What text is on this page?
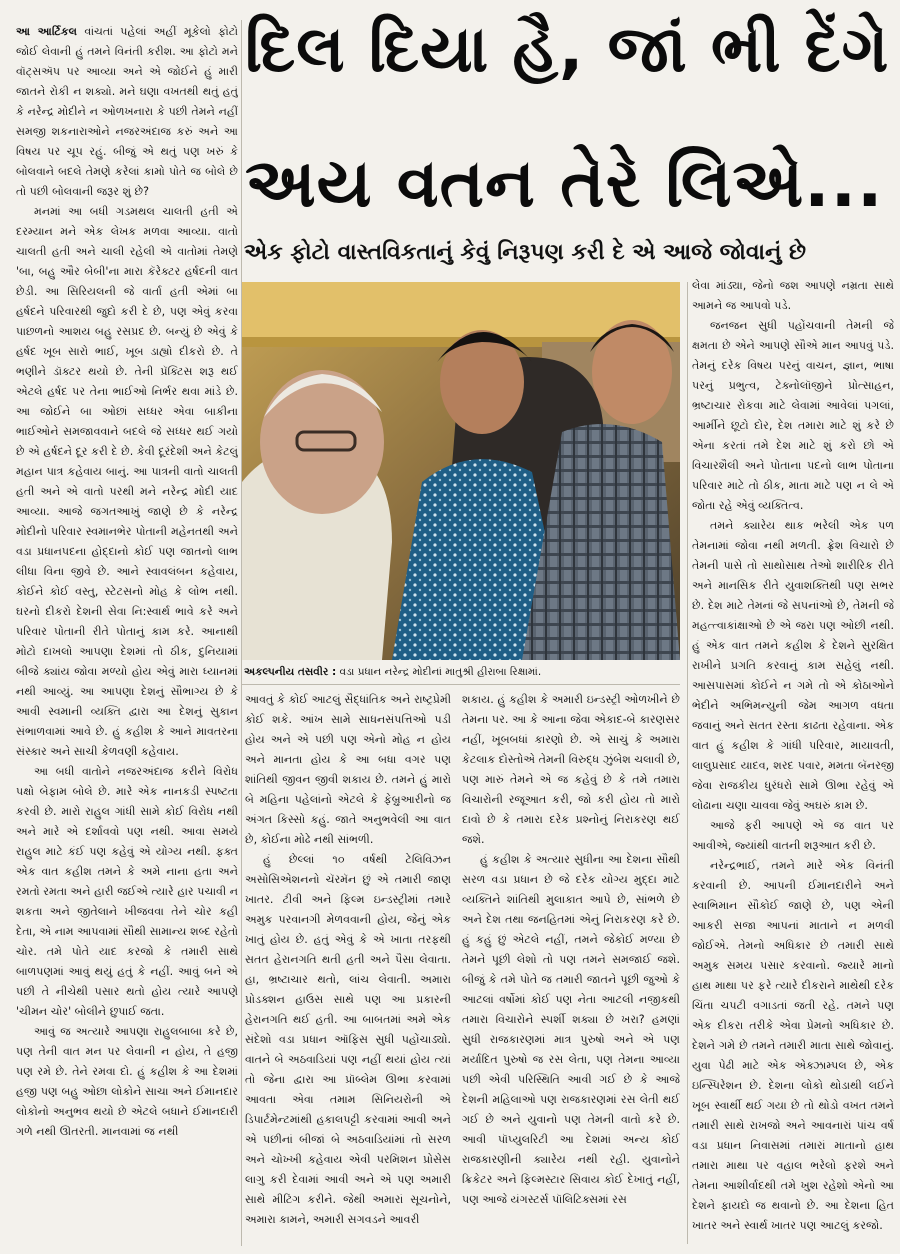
આ આર્ટિકલ વાંચતાં પહેલાં અહીં મૂકેલો ફોટો જોઈ લેવાની હું તમને વિનંતી કરીશ. આ ફોટો મને વૉટ્સઍપ પર આવ્યા અને એ જોઈને હું મારી જાતને રોકી ન શક્યો. મને ઘણા વખતથી થતું હતું કે નરેન્દ્ર મોદીને ન ઓળખનારા કે પછી તેમને નહીં સમજી શકનારાઓને નજરઅંદાજ કરું અને આ વિષય પર ચૂપ રહું. બીજું એ થતું પણ ખરું કે બોલવાને બદલે તેમણે કરેલાં કામો પોતે જ બોલે છે તો પછી બોલવાની જરૂર શું છે?

મનમાં આ બધી ગડમથલ ચાલતી હતી એ દરમ્યાન મને એક લેખક મળવા આવ્યા. વાતો ચાલતી હતી અને ચાલી રહેલી એ વાતોમાં તેમણે 'બા, બહુ ઔર બેબી'ના મારા કૅરેક્ટર હર્ષદની વાત છેડી. આ સિરિયલની જે વાર્તા હતી એમાં બા હર્ષદને પરિવારથી જુદો કરી દે છે, પણ એવું કરવા પાછળનો આશય બહુ રસપ્રદ છે. બન્યું છે એવું કે હર્ષદ ખૂબ સારો ભાઈ, ખૂબ ડાહ્યો દીકરો છે. તે ભણીને ડૉક્ટર થયો છે. તેની પ્રૅક્ટિસ શરૂ થઈ એટલે હર્ષદ પર તેના ભાઈઓ નિર્ભર થવા માંડે છે. આ જોઈને બા ઓછાં સધ્ધર એવા બાકીના ભાઈઓને સમજાવવાને બદલે જે સધ્ધર થઈ ગયો છે એ હર્ષદને દૂર કરી દે છે. કેવી દૂરંદેશી અને કેટલું મહાન પાત્ર કહેવાય બાનું. આ પાત્રની વાતો ચાલતી હતી અને એ વાતો પરથી મને નરેન્દ્ર મોદી યાદ આવ્યા. આજે જગતઆખું જાણે છે કે નરેન્દ્ર મોદીનો પરિવાર સ્વમાનભેર પોતાની મહેનતથી અને વડા પ્રધાનપદના હોદ્દાનો કોઈ પણ જાતનો લાભ લીધા વિના જીવે છે. આને સ્વાવલંબન કહેવાય, કોઈને કોઈ વસ્તુ, સ્ટેટસનો મોહ કે લોભ નથી. ઘરનો દીકરો દેશની સેવા નિ:સ્વાર્થ ભાવે કરે અને પરિવાર પોતાની રીતે પોતાનું કામ કરે. આનાથી મોટો દાખલો આપણા દેશમાં તો ઠીક, દુનિયામાં બીજે ક્યાંય જોવા મળ્યો હોય એવું મારા ધ્યાનમાં નથી આવ્યું. આ આપણા દેશનું સૌભાગ્ય છે કે આવી સ્વમાની વ્યક્તિ દ્વારા આ દેશનું સુકાન સંભાળવામાં આવે છે. હું કહીશ કે આને માવતરના સંસ્કાર અને સાચી કેળવણી કહેવાય.

આ બધી વાતોને નજરઅંદાજ કરીને વિરોધ પક્ષો બેફામ બોલે છે. મારે એક નાનકડી સ્પષ્ટતા કરવી છે. મારો રાહુલ ગાંધી સામે કોઈ વિરોધ નથી અને મારે એ દર્શાવવો પણ નથી. આવા સમયે રાહુલ માટે કંઈ પણ કહેવું એ યોગ્ય નથી. ફક્ત એક વાત કહીશ તમને કે અમે નાના હતા અને રમતો રમતા અને હારી જઈએ ત્યારે હાર પચાવી ન શકતા અને જીતેલાને ખીજવવા તેને ચોર કહી દેતા, એ નામ આપવામાં સૌથી સામાન્ય શબ્દ રહેતો ચોર. તમે પોતે યાદ કરજો કે તમારી સાથે બાળપણમાં આવું થયું હતું કે નહીં. આવું બને એ પછી તે નીચેથી પસાર થતો હોય ત્યારે આપણે 'ચીમન ચોર' બોલીને છુપાઈ જતા.

આવું જ અત્યારે આપણા રાહુલબાબા કરે છે, પણ તેની વાત મન પર લેવાની ન હોય, તે હજી પણ રમે છે. તેને રમવા દો. હું કહીશ કે આ દેશમાં હજી પણ બહુ ઓછા લોકોને સાચા અને ઈમાનદાર લોકોનો અનુભવ થયો છે એટલે બધાને ઈમાનદારી ગળે નથી ઊતરતી. માનવામાં જ નથી

દિલ દિયા હૈ, જાં ભી દેંગે
અય વતન તેરે લિએ...
એક ફોટો વાસ્તવિકતાનું કેવું નિરૂપણ કરી દે એ આજે જોવાનું છે
અકલ્પનીય તસવીર : વડા પ્રધાન નરેન્દ્ર મોદીનાં માતુશ્રી હીરાબા રિક્ષામાં.

આવતું કે કોઈ આટલું સૈદ્ધાંતિક અને રાષ્ટ્રપ્રેમી કોઈ શકે. આંખ સામે સાધનસંપત્તિઓ પડી હોય અને એ પછી પણ એનો મોહ ન હોય અને માનતા હોય કે આ બધા વગર પણ શાંતિથી જીવન જીવી શકાય છે. તમને હું મારો બે મહિના પહેલાંનો એટલે કે ફેબ્રુઆરીનો જ અંગત કિસ્સો કહું. જાતે અનુભવેલી આ વાત છે, કોઈના મોઢે નથી સાંભળી.

હું છેલ્લાં ૧૦ વર્ષથી ટેલિવિઝન અસોસિએશનનો ચૅરમૅન છું એ તમારી જાણ ખાતર. ટીવી અને ફિલ્મ ઇન્ડસ્ટ્રીમાં તમારે અમુક પરવાનગી મેળવવાની હોય, જેનું એક ખાતું હોય છે. હતું એવું કે એ ખાતા તરફથી સતત હેરાનગતિ થતી હતી અને પૈસા લેવાતા. હા, ભ્રષ્ટાચાર થતો, લાંચ લેવાતી. અમારા પ્રોડક્શન હાઉસ સાથે પણ આ પ્રકારની હેરાનગતિ થઈ હતી. આ બાબતમાં અમે એક સંદેશો વડા પ્રધાન ઑફિસ સુધી પહોંચાડ્યો. વાતને બે અઠવાડિયાં પણ નહીં થયાં હોય ત્યાં તો જેના દ્વારા આ પ્રૉબ્લેમ ઊભા કરવામાં આવતા એવા તમામ સિનિયરોની એ ડિપાર્ટમેન્ટમાંથી હકાલપટ્ટી કરવામાં આવી અને એ પછીનાં બીજાં બે અઠવાડિયાંમાં તો સરળ અને ચોખ્ખી કહેવાય એવી પરમિશન પ્રોસેસ લાગુ કરી દેવામાં આવી અને એ પણ અમારી સાથે મીટિંગ કરીને. જેથી અમારાં સૂચનોને, અમારા કામને, અમારી સગવડને આવરી

શકાય. હું કહીશ કે અમારી ઇન્ડસ્ટ્રી ઓળખીને છે તેમના પર. આ કે આના જેવા એકાદ-બે કારણસર નહીં, ખૂબબધાં કારણો છે. એ સાચું કે અમારા કેટલાક દોસ્તોએ તેમની વિરુદ્ધ ઝુંબેશ ચલાવી છે, પણ મારું તેમને એ જ કહેવું છે કે તમે તમારા વિચારોની રજૂઆત કરી, જો કરી હોય તો મારો દાવો છે કે તમારા દરેક પ્રશ્નોનું નિરાકરણ થઈ જશે.

હું કહીશ કે અત્યાર સુધીના આ દેશના સૌથી સરળ વડા પ્રધાન છે જે દરેક યોગ્ય મુદ્દા માટે વ્યક્તિને શાંતિથી મુલાકાત આપે છે, સાંભળે છે અને દેશ તથા જનહિતમાં એનું નિરાકરણ કરે છે. હું કહું છું એટલે નહીં, તમને જેકોઈ મળ્યા છે તેમને પૂછી લેશો તો પણ તમને સમજાઈ જશે. બીજું કે તમે પોતે જ તમારી જાતને પૂછી જુઓ કે આટલાં વર્ષોમાં કોઈ પણ નેતા આટલી નજીકથી તમારા વિચારોને સ્પર્શી શક્યા છે ખરા? હમણાં સુધી રાજકારણમાં માત્ર પુરુષો અને એ પણ મર્યાદિત પુરુષો જ રસ લેતા, પણ તેમના આવ્યા પછી એવી પરિસ્થિતિ આવી ગઈ છે કે આજે દેશની મહિલાઓ પણ રાજકારણમાં રસ લેતી થઈ ગઈ છે અને યુવાનો પણ તેમની વાતો કરે છે. આવી પૉપ્યુલરિટી આ દેશમાં અન્ય કોઈ રાજકારણીની ક્યારેય નથી રહી. યુવાનોને ક્રિકેટર અને ફિલ્મસ્ટાર સિવાય કોઈ દેખાતું નહીં, પણ આજે યંગસ્ટર્સ પૉલિટિક્સમાં રસ

લેવા માંડ્યા, જેનો જશ આપણે નમ્રતા સાથે આમને જ આપવો પડે.

જનજન સુધી પહોંચવાની તેમની જે ક્ષમતા છે એને આપણે સૌએ માન આપવું પડે. તેમનું દરેક વિષય પરનું વાચન, જ્ઞાન, ભાષા પરનું પ્રભુત્વ, ટેક્નોલૉજીને પ્રોત્સાહન, ભ્રષ્ટાચાર રોકવા માટે લેવામાં આવેલાં પગલાં, આર્મીને છૂટો દોર, દેશ તમારા માટે શું કરે છે એના કરતાં તમે દેશ માટે શું કરો છો એ વિચારશૈલી અને પોતાના પદનો લાભ પોતાના પરિવાર માટે તો ઠીક, માતા માટે પણ ન લે એ જોતા રહે એવું વ્યક્તિત્વ.

તમને ક્યારેય થાક ભરેલી એક પળ તેમનામાં જોવા નથી મળતી. ફ્રેશ વિચારો છે તેમની પાસે તો સાથોસાથ તેઓ શારીરિક રીતે અને માનસિક રીતે યુવાશક્તિથી પણ સભર છે. દેશ માટે તેમનાં જે સપનાંઓ છે, તેમની જે મહત્ત્વાકાંક્ષાઓ છે એ જરા પણ ઓછી નથી. હું એક વાત તમને કહીશ કે દેશને સુરક્ષિત રાખીને પ્રગતિ કરવાનું કામ સહેલું નથી. આસપાસમાં કોઈને ન ગમે તો એ કોઠાઓને ભેદીને અભિમન્યુની જેમ આગળ વધતા જવાનું અને સતત રસ્તા કાઢતા રહેવાના. એક વાત હું કહીશ કે ગાંધી પરિવાર, માયાવતી, લાલુપ્રસાદ યાદવ, શરદ પવાર, મમતા બૅનરજી જેવા રાજકીય ધુરંધરો સામે ઊભા રહેવું એ લોઢાના ચણા ચાવવા જેવું અઘરું કામ છે.

આજે ફરી આપણે એ જ વાત પર આવીએ, જ્યાંથી વાતની શરૂઆત કરી છે.

નરેન્દ્રભાઈ, તમને મારે એક વિનંતી કરવાની છે. આપની ઈમાનદારીને અને સ્વાભિમાન સૌકોઈ જાણે છે, પણ એની આકરી સજા આપનાં માતાને ન મળવી જોઈએ. તેમનો અધિકાર છે તમારી સાથે અમુક સમય પસાર કરવાનો. જ્યારે માનો હાથ માથા પર ફરે ત્યારે દીકરાને માથેથી દરેક ચિંતા ચપટી વગાડતાં જતી રહે. તમને પણ એક દીકરા તરીકે એવા પ્રેમનો અધિકાર છે. દેશને ગમે છે તમને તમારી માતા સાથે જોવાનું. યુવા પેઢી માટે એક એક્ઝામ્પલ છે, એક ઇન્સ્પિરેશન છે. દેશના લોકો થોડાથી લઈને ખૂબ સ્વાર્થી થઈ ગયા છે તો થોડો વખત તમને તમારી સાથે રાખજો અને આવનારાં પાંચ વર્ષ વડા પ્રધાન નિવાસમાં તમારાં માતાનો હાથ તમારા માથા પર વહાલ ભરેલો ફરશે અને તેમના આશીર્વાદથી તમે ખુશ રહેશો એનો આ દેશને ફાયદો જ થવાનો છે. આ દેશના હિત ખાતર અને સ્વાર્થ ખાતર પણ આટલું કરજો.
